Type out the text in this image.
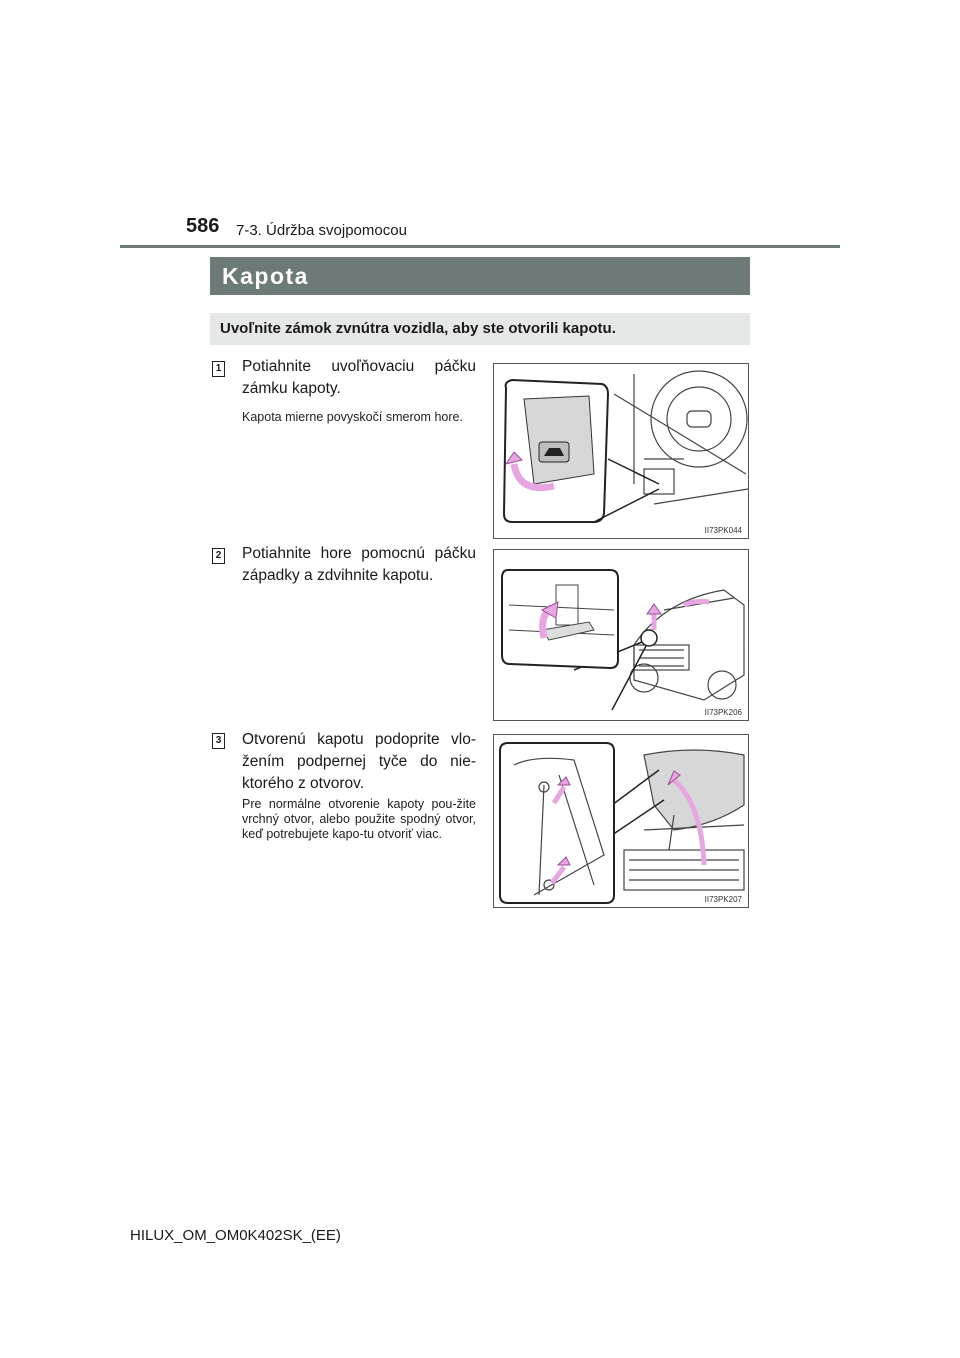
586 7-3. Údržba svojpomocou
Kapota
Uvoľnite zámok zvnútra vozidla, aby ste otvorili kapotu.
1 Potiahnite uvoľňovaciu páčku zámku kapoty.
Kapota mierne povyskočí smerom hore.
II73PK044
2 Potiahnite hore pomocnú páčku západky a zdvihnite kapotu.
II73PK206
3 Otvorenú kapotu podoprite vlo-žením podpernej tyče do nie-ktorého z otvorov.
Pre normálne otvorenie kapoty pou-žite vrchný otvor, alebo použite spodný otvor, keď potrebujete kapo-tu otvoriť viac.
II73PK207
HILUX_OM_OM0K402SK_(EE)
